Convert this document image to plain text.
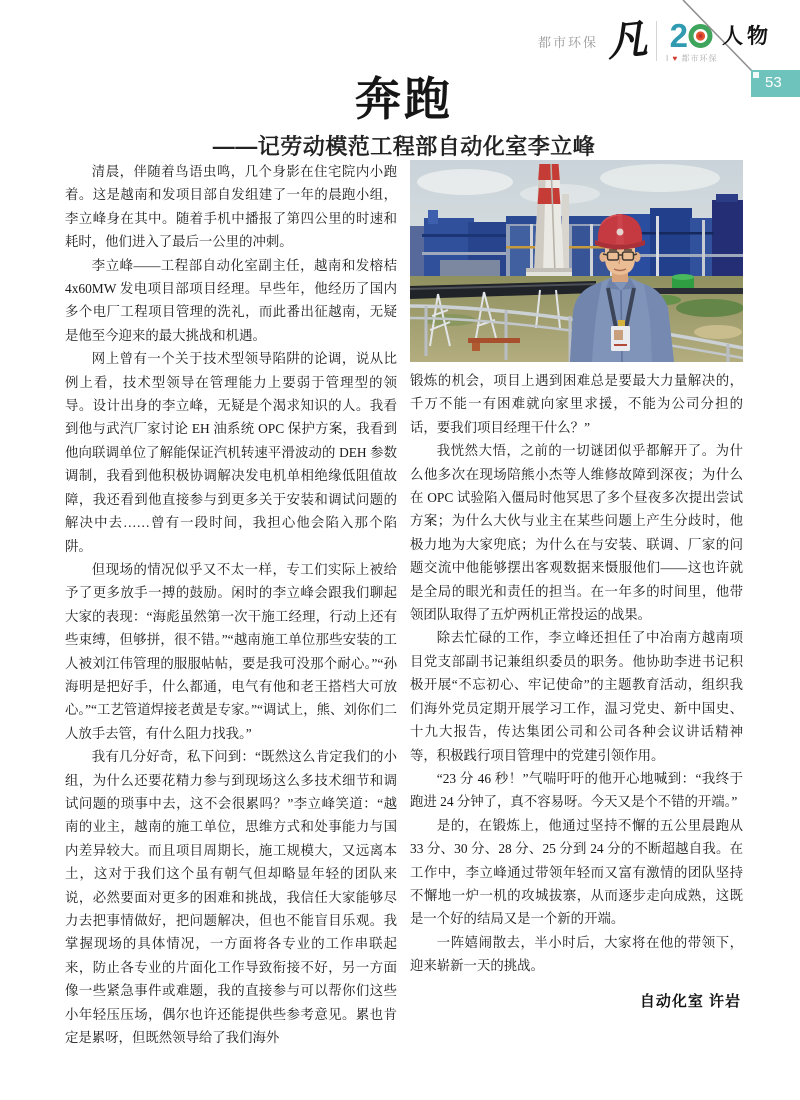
都市环保 凡 2
I ♥ 都市环保
人物
53
奔跑
——记劳动模范工程部自动化室李立峰

清晨，伴随着鸟语虫鸣，几个身影在住宅院内小跑着。这是越南和发项目部自发组建了一年的晨跑小组，李立峰身在其中。随着手机中播报了第四公里的时速和耗时，他们进入了最后一公里的冲刺。

李立峰——工程部自动化室副主任，越南和发榕桔4x60MW 发电项目部项目经理。早些年，他经历了国内多个电厂工程项目管理的洗礼，而此番出征越南，无疑是他至今迎来的最大挑战和机遇。

网上曾有一个关于技术型领导陷阱的论调，说从比例上看，技术型领导在管理能力上要弱于管理型的领导。设计出身的李立峰，无疑是个渴求知识的人。我看到他与武汽厂家讨论 EH 油系统 OPC 保护方案，我看到他向联调单位了解能保证汽机转速平滑波动的 DEH 参数调制，我看到他积极协调解决发电机单相绝缘低阻值故障，我还看到他直接参与到更多关于安装和调试问题的解决中去……曾有一段时间，我担心他会陷入那个陷阱。

但现场的情况似乎又不太一样，专工们实际上被给予了更多放手一搏的鼓励。闲时的李立峰会跟我们聊起大家的表现：“海彪虽然第一次干施工经理，行动上还有些束缚，但够拼，很不错。”“越南施工单位那些安装的工人被刘江伟管理的服服帖帖，要是我可没那个耐心。”“孙海明是把好手，什么都通，电气有他和老王搭档大可放心。”“工艺管道焊接老黄是专家。”“调试上，熊、刘你们二人放手去管，有什么阻力找我。”

我有几分好奇，私下问到：“既然这么肯定我们的小组，为什么还要花精力参与到现场这么多技术细节和调试问题的琐事中去，这不会很累吗？”李立峰笑道：“越南的业主，越南的施工单位，思维方式和处事能力与国内差异较大。而且项目周期长，施工规模大，又远离本土，这对于我们这个虽有朝气但却略显年轻的团队来说，必然要面对更多的困难和挑战，我信任大家能够尽力去把事情做好，把问题解决，但也不能盲目乐观。我掌握现场的具体情况，一方面将各专业的工作串联起来，防止各专业的片面化工作导致衔接不好，另一方面像一些紧急事件或难题，我的直接参与可以帮你们这些小年轻压压场，偶尔也许还能提供些参考意见。累也肯定是累呀，但既然领导给了我们海外

锻炼的机会，项目上遇到困难总是要最大力量解决的，千万不能一有困难就向家里求援，不能为公司分担的话，要我们项目经理干什么？”

我恍然大悟，之前的一切谜团似乎都解开了。为什么他多次在现场陪熊小杰等人维修故障到深夜；为什么在 OPC 试验陷入僵局时他冥思了多个昼夜多次提出尝试方案；为什么大伙与业主在某些问题上产生分歧时，他极力地为大家兜底；为什么在与安装、联调、厂家的问题交流中他能够摆出客观数据来慑服他们——这也许就是全局的眼光和责任的担当。在一年多的时间里，他带领团队取得了五炉两机正常投运的战果。

除去忙碌的工作，李立峰还担任了中冶南方越南项目党支部副书记兼组织委员的职务。他协助李进书记积极开展“不忘初心、牢记使命”的主题教育活动，组织我们海外党员定期开展学习工作，温习党史、新中国史、十九大报告，传达集团公司和公司各种会议讲话精神等，积极践行项目管理中的党建引领作用。

“23 分 46 秒！”气喘吁吁的他开心地喊到：“我终于跑进 24 分钟了，真不容易呀。今天又是个不错的开端。”

是的，在锻炼上，他通过坚持不懈的五公里晨跑从 33 分、30 分、28 分、25 分到 24 分的不断超越自我。在工作中，李立峰通过带领年轻而又富有激情的团队坚持不懈地一炉一机的攻城拔寨，从而逐步走向成熟，这既是一个好的结局又是一个新的开端。

一阵嬉闹散去，半小时后，大家将在他的带领下，迎来崭新一天的挑战。

自动化室 许岩
